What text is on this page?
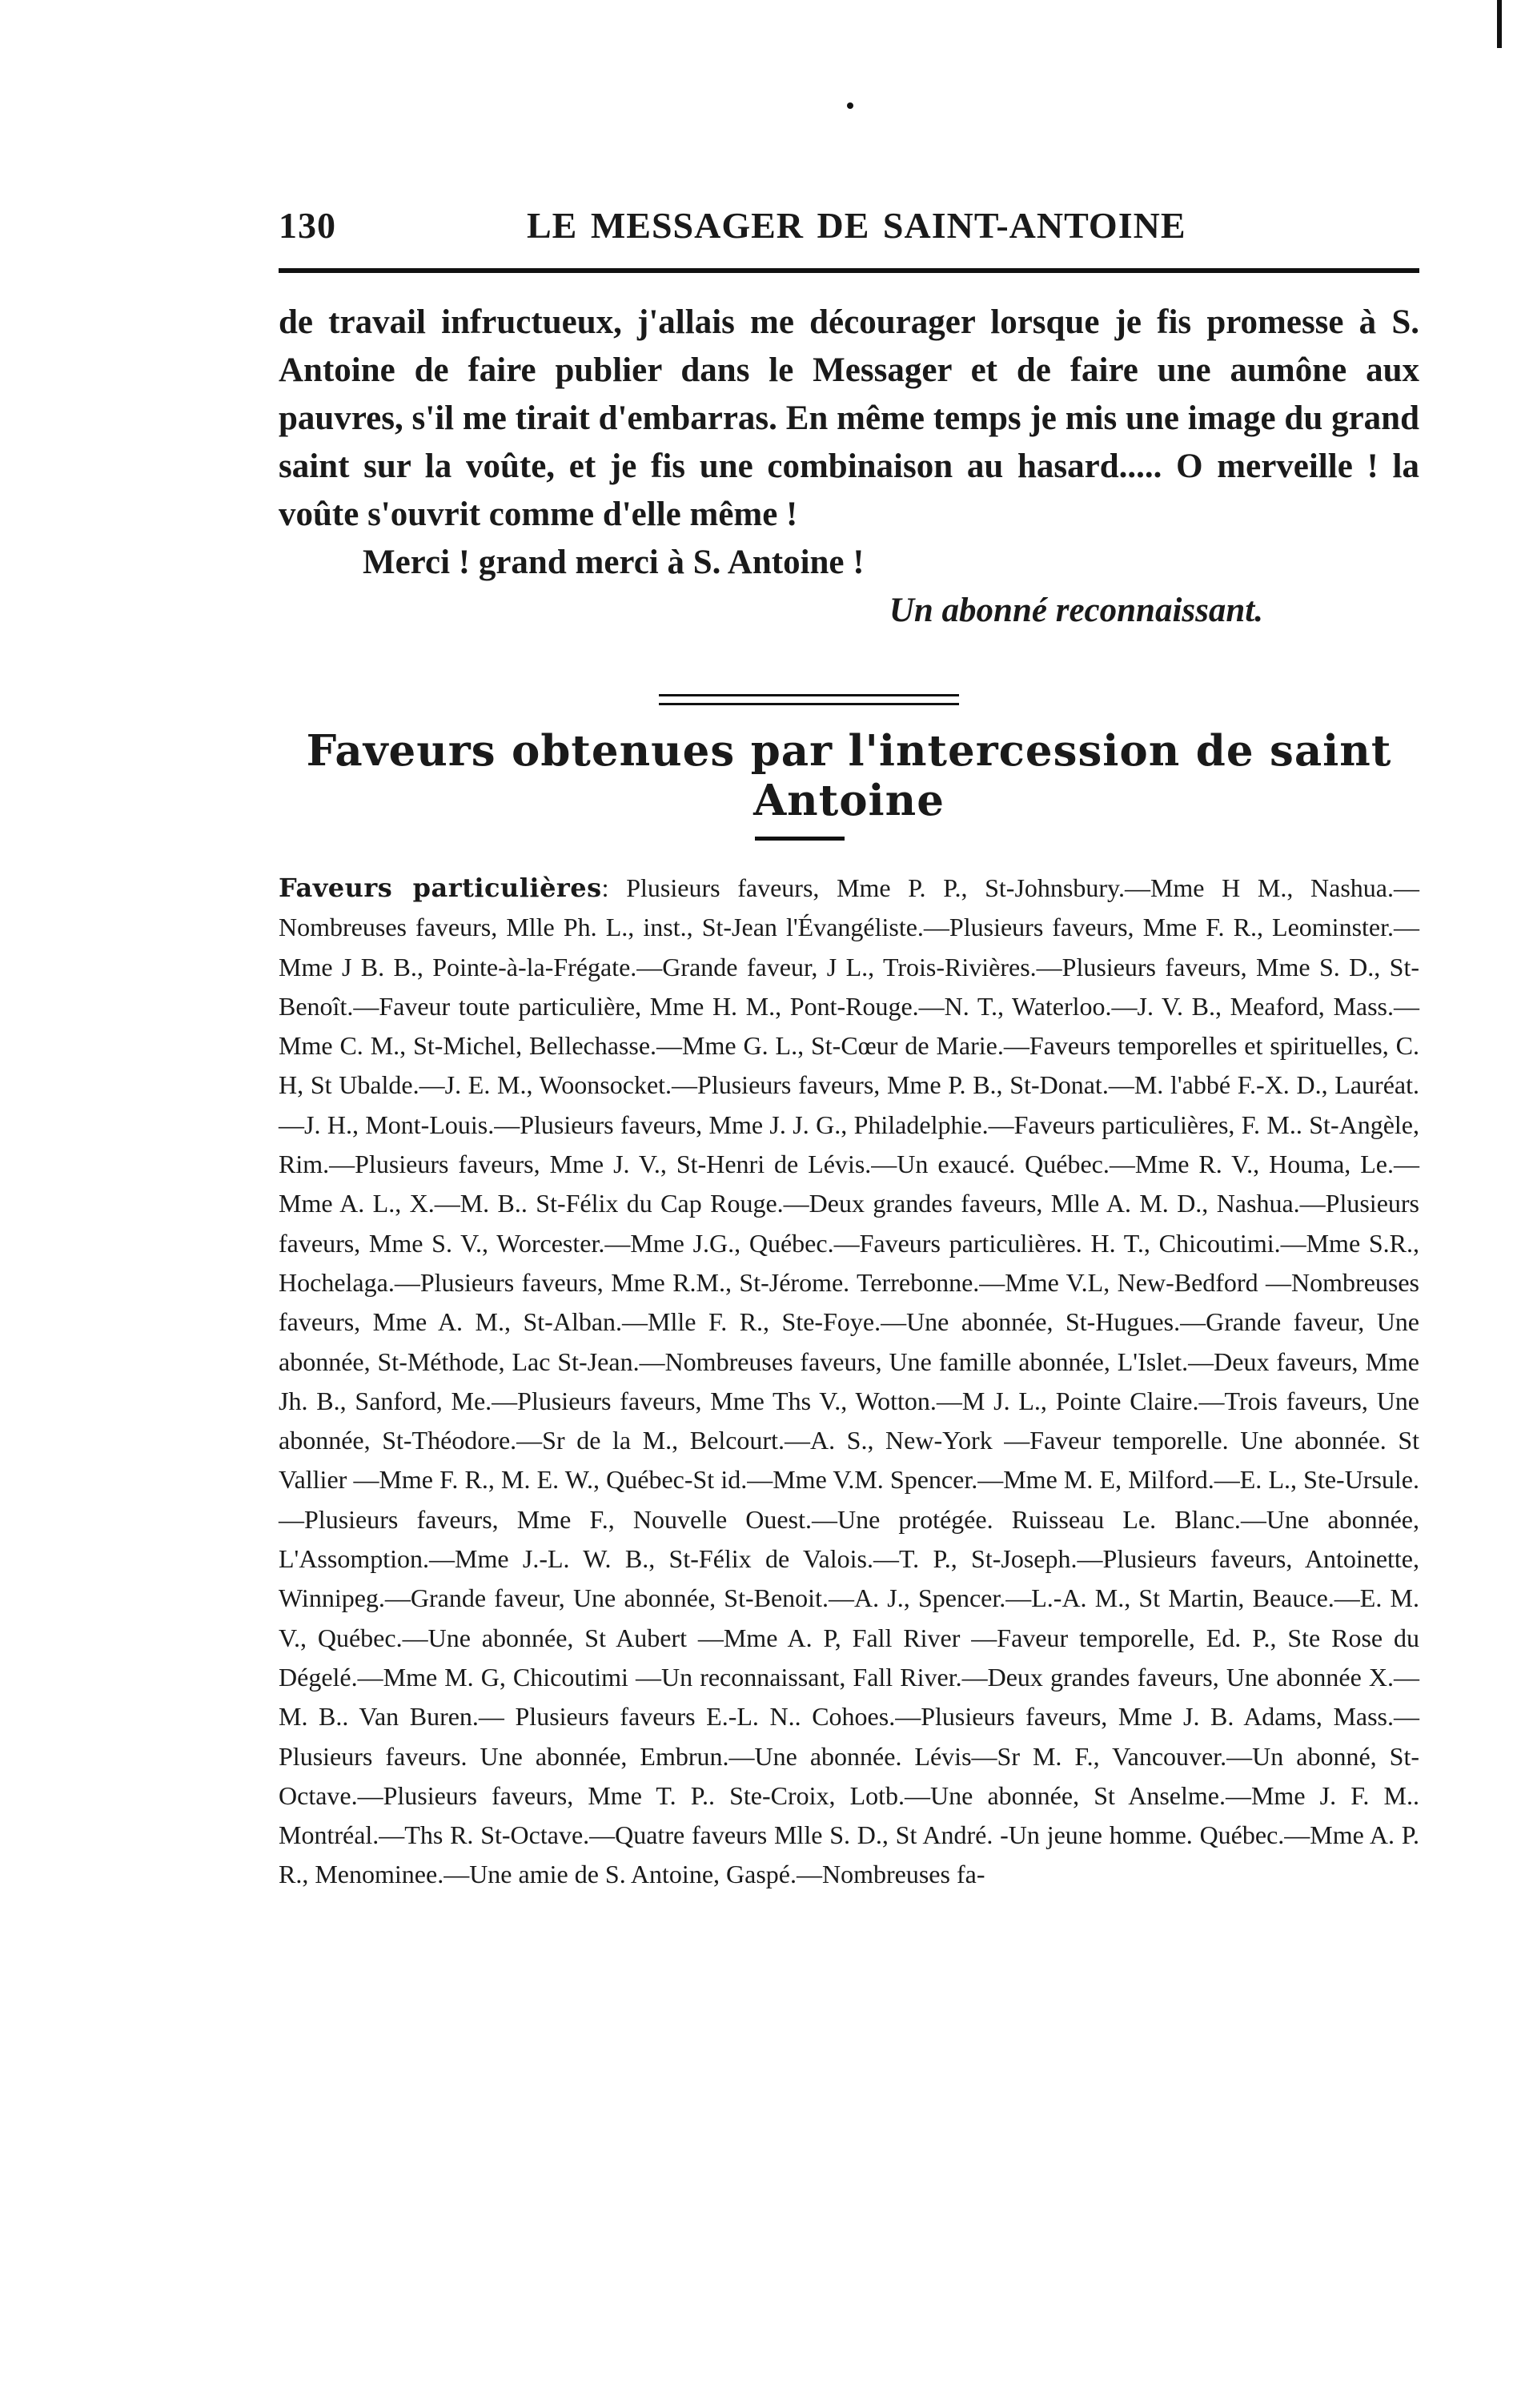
130	LE MESSAGER DE SAINT-ANTOINE

de travail infructueux, j'allais me décourager lorsque je fis promesse à S. Antoine de faire publier dans le Messager et de faire une aumône aux pauvres, s'il me tirait d'embarras. En même temps je mis une image du grand saint sur la voûte, et je fis une combinaison au hasard..... O merveille ! la voûte s'ouvrit comme d'elle même !

Merci ! grand merci à S. Antoine !

Un abonné reconnaissant.

Faveurs obtenues par l'intercession de saint Antoine
Faveurs particulières: Plusieurs faveurs, Mme P. P., St-Johnsbury.—Mme H M., Nashua.—Nombreuses faveurs, Mlle Ph. L., inst., St-Jean l'Évangéliste.—Plusieurs faveurs, Mme F. R., Leominster.—Mme J B. B., Pointe-à-la-Frégate.—Grande faveur, J L., Trois-Rivières.—Plusieurs faveurs, Mme S. D., St-Benoît.—Faveur toute particulière, Mme H. M., Pont-Rouge.—N. T., Waterloo.—J. V. B., Meaford, Mass.—Mme C. M., St-Michel, Bellechasse.—Mme G. L., St-Cœur de Marie.—Faveurs temporelles et spirituelles, C. H, St Ubalde.—J. E. M., Woonsocket.—Plusieurs faveurs, Mme P. B., St-Donat.—M. l'abbé F.-X. D., Lauréat.—J. H., Mont-Louis.—Plusieurs faveurs, Mme J. J. G., Philadelphie.—Faveurs particulières, F. M.. St-Angèle, Rim.—Plusieurs faveurs, Mme J. V., St-Henri de Lévis.—Un exaucé. Québec.—Mme R. V., Houma, Le.— Mme A. L., X.—M. B.. St-Félix du Cap Rouge.—Deux grandes faveurs, Mlle A. M. D., Nashua.—Plusieurs faveurs, Mme S. V., Worcester.—Mme J.G., Québec.—Faveurs particulières. H. T., Chicoutimi.—Mme S.R., Hochelaga.—Plusieurs faveurs, Mme R.M., St-Jérome. Terrebonne.—Mme V.L, New-Bedford —Nombreuses faveurs, Mme A. M., St-Alban.—Mlle F. R., Ste-Foye.—Une abonnée, St-Hugues.—Grande faveur, Une abonnée, St-Méthode, Lac St-Jean.—Nombreuses faveurs, Une famille abonnée, L'Islet.—Deux faveurs, Mme Jh. B., Sanford, Me.—Plusieurs faveurs, Mme Ths V., Wotton.—M J. L., Pointe Claire.—Trois faveurs, Une abonnée, St-Théodore.—Sr de la M., Belcourt.—A. S., New-York —Faveur temporelle. Une abonnée. St Vallier —Mme F. R., M. E. W., Québec-St id.—Mme V.M. Spencer.—Mme M. E, Milford.—E. L., Ste-Ursule.—Plusieurs faveurs, Mme F., Nouvelle Ouest.—Une protégée. Ruisseau Le. Blanc.—Une abonnée, L'Assomption.—Mme J.-L. W. B., St-Félix de Valois.—T. P., St-Joseph.—Plusieurs faveurs, Antoinette, Winnipeg.—Grande faveur, Une abonnée, St-Benoit.—A. J., Spencer.—L.-A. M., St Martin, Beauce.—E. M. V., Québec.—Une abonnée, St Aubert —Mme A. P, Fall River —Faveur temporelle, Ed. P., Ste Rose du Dégelé.—Mme M. G, Chicoutimi —Un reconnaissant, Fall River.—Deux grandes faveurs, Une abonnée X.—M. B.. Van Buren.— Plusieurs faveurs E.-L. N.. Cohoes.—Plusieurs faveurs, Mme J. B. Adams, Mass.—Plusieurs faveurs. Une abonnée, Embrun.—Une abonnée. Lévis—Sr M. F., Vancouver.—Un abonné, St-Octave.—Plusieurs faveurs, Mme T. P.. Ste-Croix, Lotb.—Une abonnée, St Anselme.—Mme J. F. M.. Montréal.—Ths R. St-Octave.—Quatre faveurs Mlle S. D., St André. -Un jeune homme. Québec.—Mme A. P. R., Menominee.—Une amie de S. Antoine, Gaspé.—Nombreuses fa-
